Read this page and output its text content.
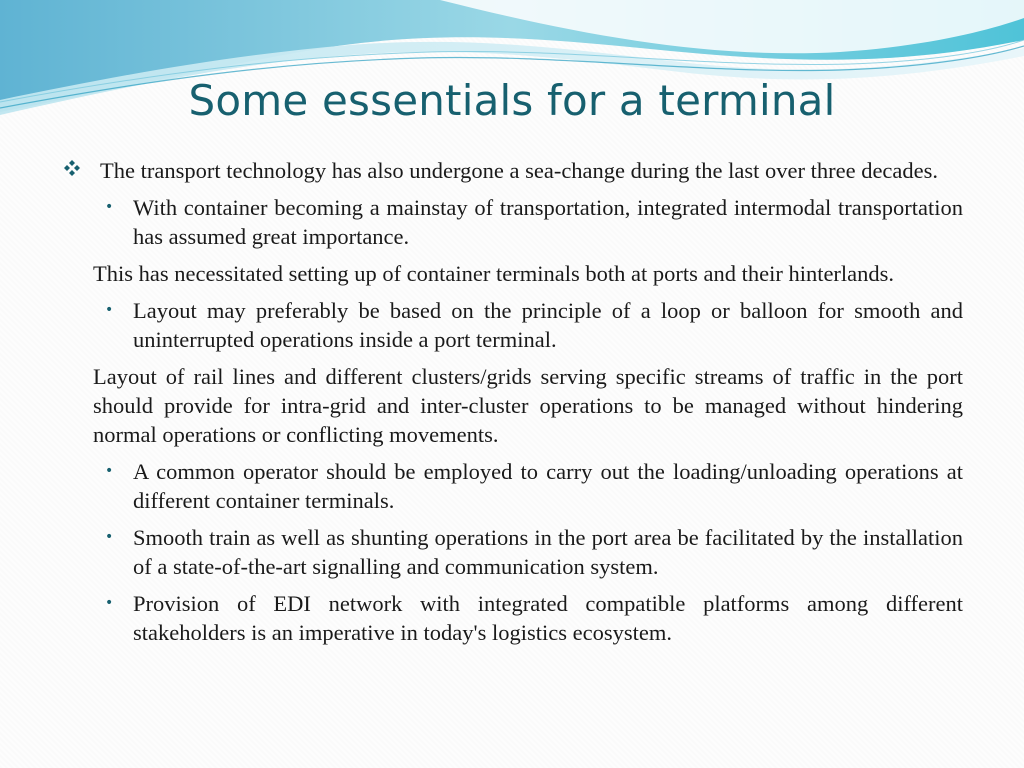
Some essentials for a terminal

The transport technology has also undergone a sea-change during the last over three decades.

• With container becoming a mainstay of transportation, integrated intermodal transportation has assumed great importance.

This has necessitated setting up of container terminals both at ports and their hinterlands.

• Layout may preferably be based on the principle of a loop or balloon for smooth and uninterrupted operations inside a port terminal.

Layout of rail lines and different clusters/grids serving specific streams of traffic in the port should provide for intra-grid and inter-cluster operations to be managed without hindering normal operations or conflicting movements.

• A common operator should be employed to carry out the loading/unloading operations at different container terminals.

• Smooth train as well as shunting operations in the port area be facilitated by the installation of a state-of-the-art signalling and communication system.

• Provision of EDI network with integrated compatible platforms among different stakeholders is an imperative in today's logistics ecosystem.
